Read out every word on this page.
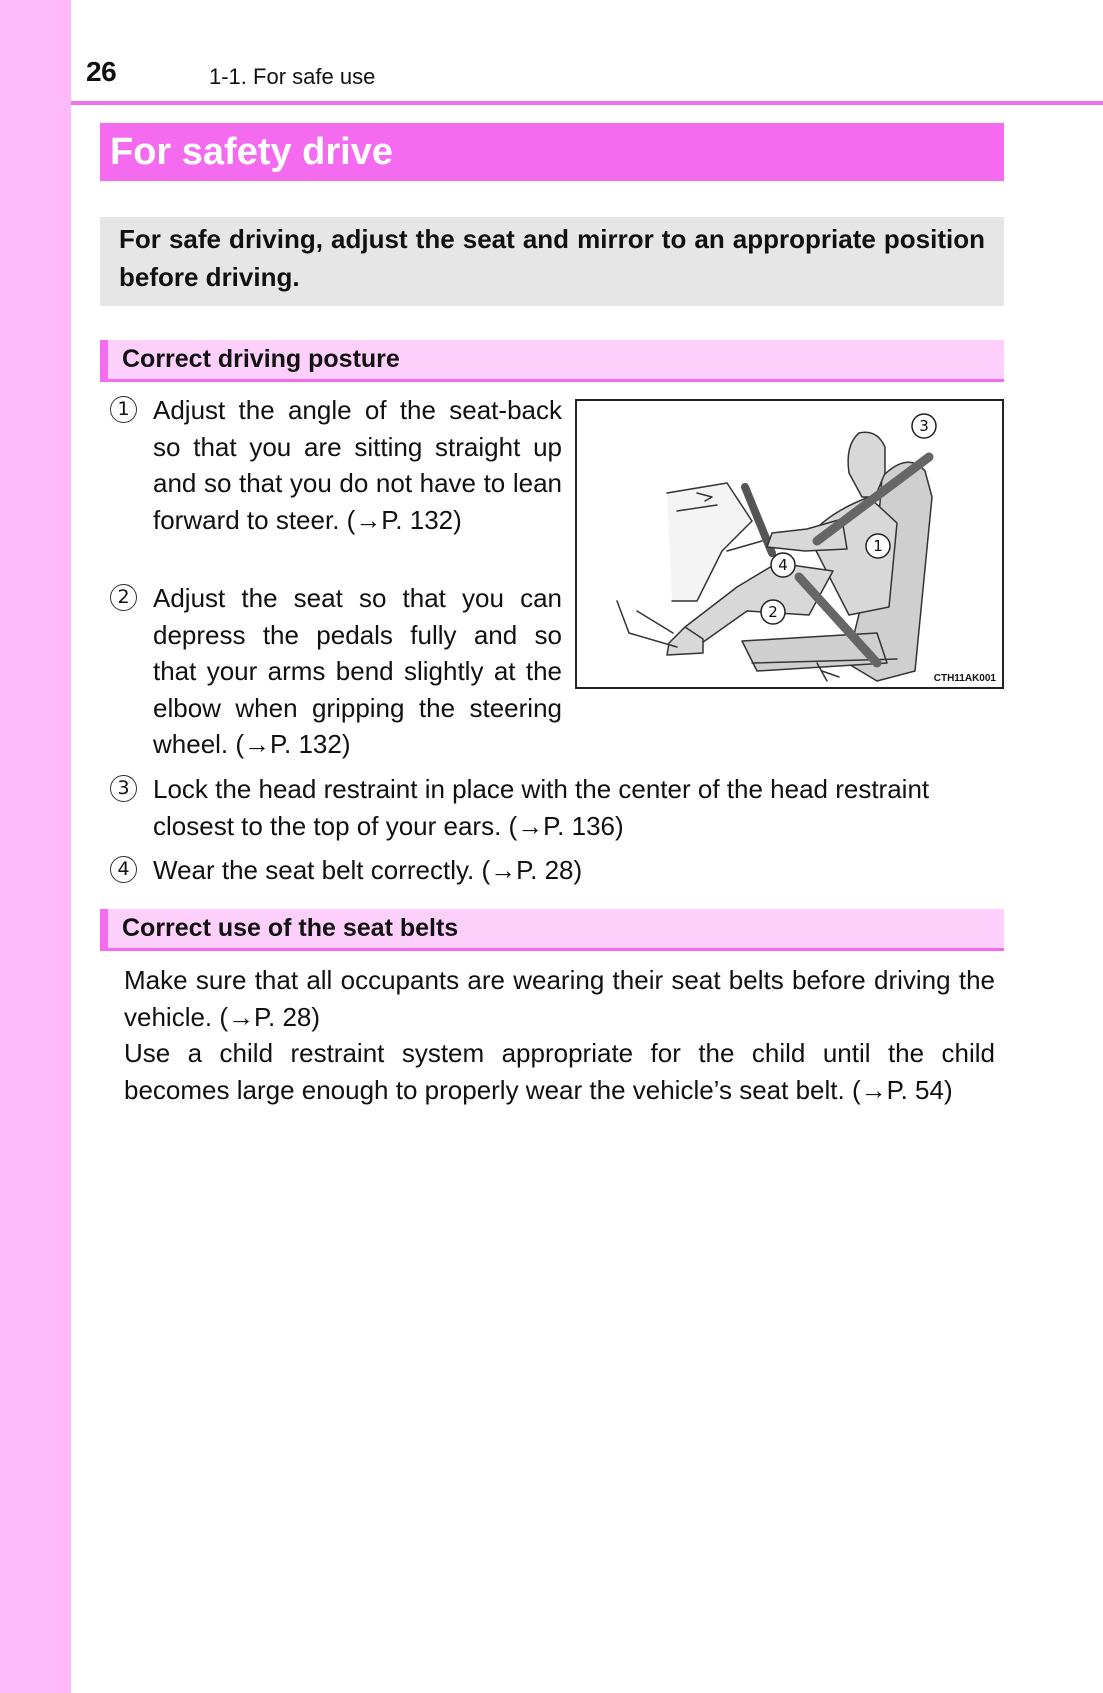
26	1-1. For safe use
For safety drive
For safe driving, adjust the seat and mirror to an appropriate position before driving.
Correct driving posture
1 Adjust the angle of the seat-back so that you are sitting straight up and so that you do not have to lean forward to steer. (→P. 132)
2 Adjust the seat so that you can depress the pedals fully and so that your arms bend slightly at the elbow when gripping the steering wheel. (→P. 132)
3 Lock the head restraint in place with the center of the head restraint closest to the top of your ears. (→P. 136)
4 Wear the seat belt correctly. (→P. 28)
1
2
3
4
CTH11AK001
Correct use of the seat belts
Make sure that all occupants are wearing their seat belts before driving the vehicle. (→P. 28)
Use a child restraint system appropriate for the child until the child becomes large enough to properly wear the vehicle’s seat belt. (→P. 54)
